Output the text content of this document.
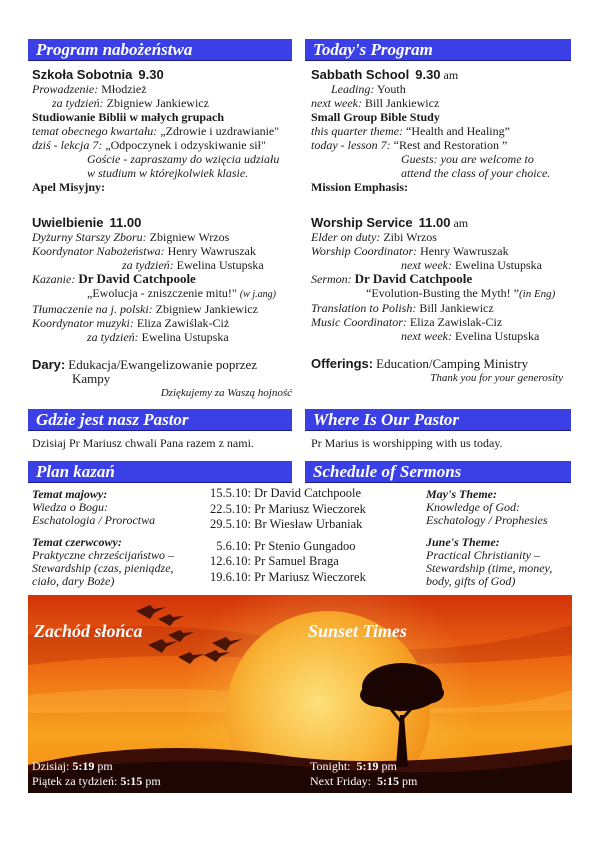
Program nabożeństwa	Today's Program
Szkoła Sobotnia 9.30
Prowadzenie: Młodzież
za tydzień: Zbigniew Jankiewicz
Studiowanie Biblii w małych grupach
temat obecnego kwartału: „Zdrowie i uzdrawianie"
dziś - lekcja 7: „Odpoczynek i odzyskiwanie sił"
Goście - zapraszamy do wzięcia udziału
w studium w którejkolwiek klasie.
Apel Misyjny:
Uwielbienie 11.00
Dyżurny Starszy Zboru: Zbigniew Wrzos
Koordynator Nabożeństwa: Henry Wawruszak
za tydzień: Ewelina Ustupska
Kazanie: Dr David Catchpoole
„Ewolucja - zniszczenie mitu!" (w j.ang)
Tłumaczenie na j. polski: Zbigniew Jankiewicz
Koordynator muzyki: Eliza Zawiślak-Ciż
za tydzień: Ewelina Ustupska
Dary: Edukacja/Ewangelizowanie poprzez
Kampy
Dziękujemy za Waszą hojność
Sabbath School 9.30 am
Leading: Youth
next week: Bill Jankiewicz
Small Group Bible Study
this quarter theme: “Health and Healing”
today - lesson 7: “Rest and Restoration ”
Guests: you are welcome to
attend the class of your choice.
Mission Emphasis:
Worship Service 11.00 am
Elder on duty: Zibi Wrzos
Worship Coordinator: Henry Wawruszak
next week: Ewelina Ustupska
Sermon: Dr David Catchpoole
“Evolution-Busting the Myth! ”(in Eng)
Translation to Polish: Bill Jankiewicz
Music Coordinator: Eliza Zawislak-Ciz
next week: Evelina Ustupska
Offerings: Education/Camping Ministry
Thank you for your generosity
Gdzie jest nasz Pastor	Where Is Our Pastor
Dzisiaj Pr Mariusz chwali Pana razem z nami.	Pr Marius is worshipping with us today.
Plan kazań	Schedule of Sermons
Temat majowy:
Wiedza o Bogu:
Eschatologia / Proroctwa
Temat czerwcowy:
Praktyczne chrześcijaństwo –
Stewardship (czas, pieniądze,
ciało, dary Boże)
15.5.10: Dr David Catchpoole
22.5.10: Pr Mariusz Wieczorek
29.5.10: Br Wiesław Urbaniak
5.6.10: Pr Stenio Gungadoo
12.6.10: Pr Samuel Braga
19.6.10: Pr Mariusz Wieczorek
May's Theme:
Knowledge of God:
Eschatology / Prophesies
June's Theme:
Practical Christianity –
Stewardship (time, money,
body, gifts of God)
Zachód słońca	Sunset Times
Dzisiaj: 5:19 pm
Piątek za tydzień: 5:15 pm
Tonight: 5:19 pm
Next Friday: 5:15 pm
